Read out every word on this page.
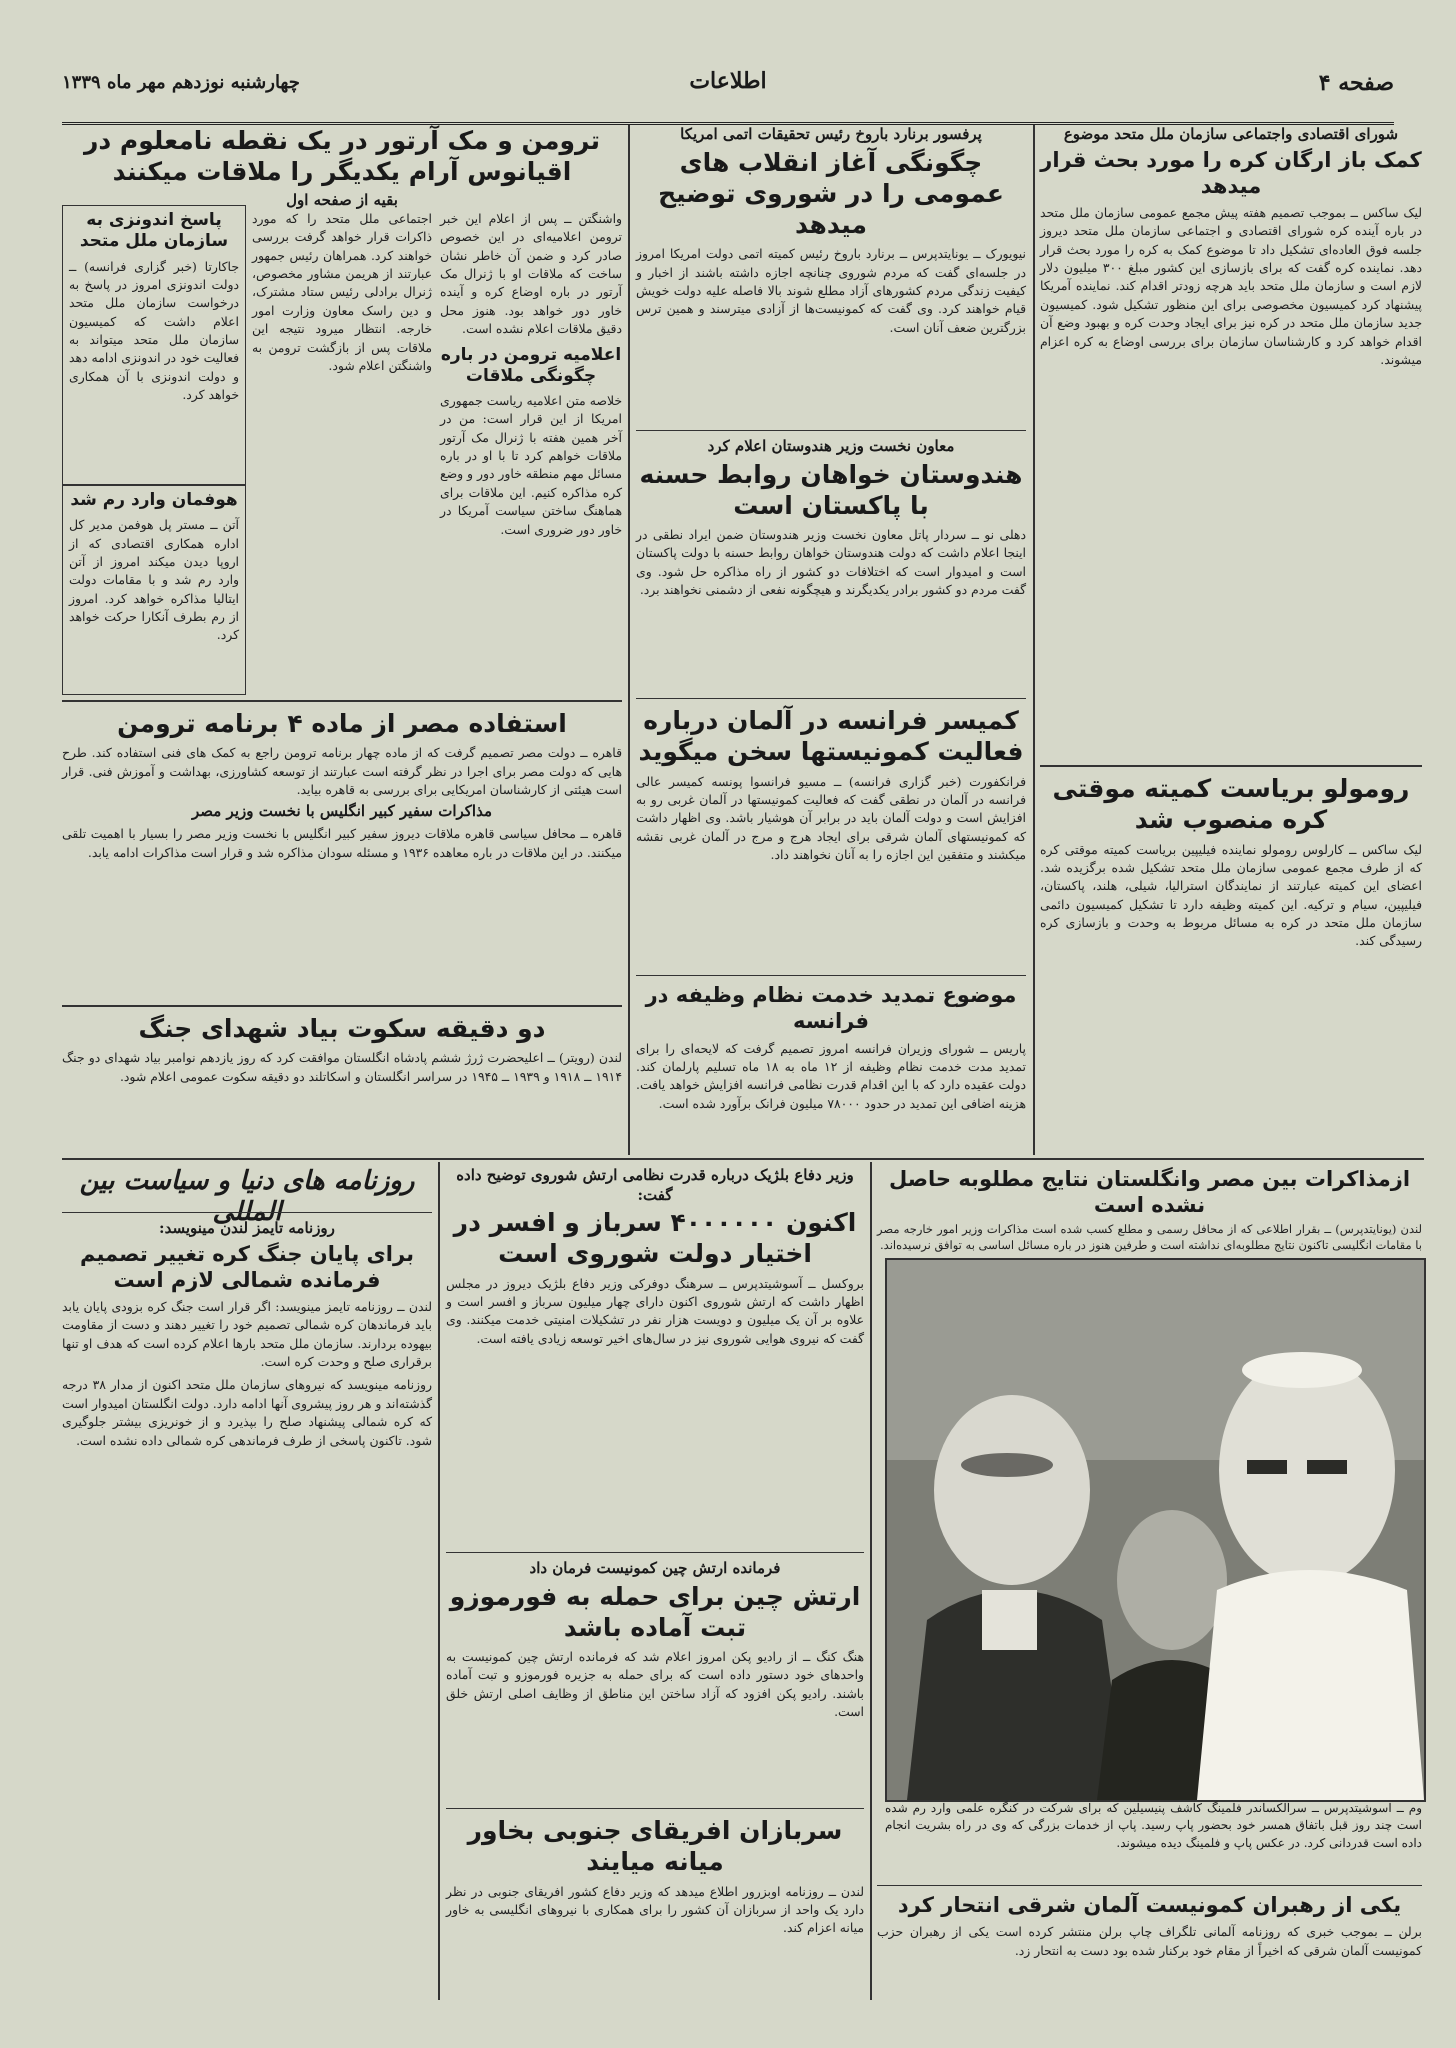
صفحه ۴
اطلاعات
چهارشنبه نوزدهم مهر ماه ۱۳۳۹
شورای اقتصادی واجتماعی سازمان ملل متحد موضوع
کمک باز ارگان کره را مورد بحث قرار میدهد
لیک ساکس ــ بموجب تصمیم هفته پیش مجمع عمومی سازمان ملل متحد در باره آینده کره شورای اقتصادی و اجتماعی سازمان ملل متحد دیروز جلسه فوق العاده‌ای تشکیل داد تا موضوع کمک به کره را مورد بحث قرار دهد. نماینده کره گفت که برای بازسازی این کشور مبلغ ۳۰۰ میلیون دلار لازم است و سازمان ملل متحد باید هرچه زودتر اقدام کند. نماینده آمریکا پیشنهاد کرد کمیسیون مخصوصی برای این منظور تشکیل شود. کمیسیون جدید سازمان ملل متحد در کره نیز برای ایجاد وحدت کره و بهبود وضع آن اقدام خواهد کرد و کارشناسان سازمان برای بررسی اوضاع به کره اعزام میشوند.
رومولو بریاست کمیته موقتی کره منصوب شد
لیک ساکس ــ کارلوس رومولو نماینده فیلیپین بریاست کمیته موقتی کره که از طرف مجمع عمومی سازمان ملل متحد تشکیل شده برگزیده شد. اعضای این کمیته عبارتند از نمایندگان استرالیا، شیلی، هلند، پاکستان، فیلیپین، سیام و ترکیه. این کمیته وظیفه دارد تا تشکیل کمیسیون دائمی سازمان ملل متحد در کره به مسائل مربوط به وحدت و بازسازی کره رسیدگی کند.
پرفسور برنارد باروخ رئیس تحقیقات اتمی امریکا
چگونگی آغاز انقلاب های عمومی را در شوروی توضیح میدهد
نیویورک ــ یونایتدپرس ــ برنارد باروخ رئیس کمیته اتمی دولت امریکا امروز در جلسه‌ای گفت که مردم شوروی چنانچه اجازه داشته باشند از اخبار و کیفیت زندگی مردم کشورهای آزاد مطلع شوند بالا فاصله علیه دولت خویش قیام خواهند کرد. وی گفت که کمونیست‌ها از آزادی میترسند و همین ترس بزرگترین ضعف آنان است.
معاون نخست وزیر هندوستان اعلام کرد
هندوستان خواهان روابط حسنه با پاکستان است
دهلی نو ــ سردار پاتل معاون نخست وزیر هندوستان ضمن ایراد نطقی در اینجا اعلام داشت که دولت هندوستان خواهان روابط حسنه با دولت پاکستان است و امیدوار است که اختلافات دو کشور از راه مذاکره حل شود. وی گفت مردم دو کشور برادر یکدیگرند و هیچگونه نفعی از دشمنی نخواهند برد.
کمیسر فرانسه در آلمان درباره فعالیت کمونیستها سخن میگوید
فرانکفورت (خبر گزاری فرانسه) ــ مسیو فرانسوا پونسه کمیسر عالی فرانسه در آلمان در نطقی گفت که فعالیت کمونیستها در آلمان غربی رو به افزایش است و دولت آلمان باید در برابر آن هوشیار باشد. وی اظهار داشت که کمونیستهای آلمان شرقی برای ایجاد هرج و مرج در آلمان غربی نقشه میکشند و متفقین این اجازه را به آنان نخواهند داد.
موضوع تمدید خدمت نظام وظیفه در فرانسه
پاریس ــ شورای وزیران فرانسه امروز تصمیم گرفت که لایحه‌ای را برای تمدید مدت خدمت نظام وظیفه از ۱۲ ماه به ۱۸ ماه تسلیم پارلمان کند. دولت عقیده دارد که با این اقدام قدرت نظامی فرانسه افزایش خواهد یافت. هزینه اضافی این تمدید در حدود ۷۸۰۰۰ میلیون فرانک برآورد شده است.
ترومن و مک آرتور در یک نقطه نامعلوم در اقیانوس آرام یکدیگر را ملاقات میکنند
بقیه از صفحه اول
واشنگتن ــ پس از اعلام این خبر ترومن اعلامیه‌ای در این خصوص صادر کرد و ضمن آن خاطر نشان ساخت که ملاقات او با ژنرال مک آرتور در باره اوضاع کره و آینده خاور دور خواهد بود. هنوز محل دقیق ملاقات اعلام نشده است.
اعلامیه ترومن در باره چگونگی ملاقات
خلاصه متن اعلامیه ریاست جمهوری امریکا از این قرار است: من در آخر همین هفته با ژنرال مک آرتور ملاقات خواهم کرد تا با او در باره مسائل مهم منطقه خاور دور و وضع کره مذاکره کنیم. این ملاقات برای هماهنگ ساختن سیاست آمریکا در خاور دور ضروری است.
اجتماعی ملل متحد را که مورد ذاکرات قرار خواهد گرفت بررسی خواهند کرد. همراهان رئیس جمهور عبارتند از هریمن مشاور مخصوص، ژنرال برادلی رئیس ستاد مشترک، و دین راسک معاون وزارت امور خارجه. انتظار میرود نتیجه این ملاقات پس از بازگشت ترومن به واشنگتن اعلام شود.
پاسخ اندونزی به سازمان ملل متحد
جاکارتا (خبر گزاری فرانسه) ــ دولت اندونزی امروز در پاسخ به درخواست سازمان ملل متحد اعلام داشت که کمیسیون سازمان ملل متحد میتواند به فعالیت خود در اندونزی ادامه دهد و دولت اندونزی با آن همکاری خواهد کرد.
هوفمان وارد رم شد
آتن ــ مستر پل هوفمن مدیر کل اداره همکاری اقتصادی که از اروپا دیدن میکند امروز از آتن وارد رم شد و با مقامات دولت ایتالیا مذاکره خواهد کرد. امروز از رم بطرف آنکارا حرکت خواهد کرد.
استفاده مصر از ماده ۴ برنامه ترومن
قاهره ــ دولت مصر تصمیم گرفت که از ماده چهار برنامه ترومن راجع به کمک های فنی استفاده کند. طرح هایی که دولت مصر برای اجرا در نظر گرفته است عبارتند از توسعه کشاورزی، بهداشت و آموزش فنی. قرار است هیئتی از کارشناسان امریکایی برای بررسی به قاهره بیاید.
مذاکرات سفیر کبیر انگلیس با نخست وزیر مصر
قاهره ــ محافل سیاسی قاهره ملاقات دیروز سفیر کبیر انگلیس با نخست وزیر مصر را بسیار با اهمیت تلقی میکنند. در این ملاقات در باره معاهده ۱۹۳۶ و مسئله سودان مذاکره شد و قرار است مذاکرات ادامه یابد.
دو دقیقه سکوت بیاد شهدای جنگ
لندن (رویتر) ــ اعلیحضرت ژرژ ششم پادشاه انگلستان موافقت کرد که روز یازدهم نوامبر بیاد شهدای دو جنگ ۱۹۱۴ ــ ۱۹۱۸ و ۱۹۳۹ ــ ۱۹۴۵ در سراسر انگلستان و اسکاتلند دو دقیقه سکوت عمومی اعلام شود.
روزنامه های دنیا و سیاست بین المللی
روزنامه تایمز لندن مینویسد:
برای پایان جنگ کره تغییر تصمیم فرمانده شمالی لازم است
لندن ــ روزنامه تایمز مینویسد: اگر قرار است جنگ کره بزودی پایان یابد باید فرماندهان کره شمالی تصمیم خود را تغییر دهند و دست از مقاومت بیهوده بردارند. سازمان ملل متحد بارها اعلام کرده است که هدف او تنها برقراری صلح و وحدت کره است.
روزنامه مینویسد که نیروهای سازمان ملل متحد اکنون از مدار ۳۸ درجه گذشته‌اند و هر روز پیشروی آنها ادامه دارد. دولت انگلستان امیدوار است که کره شمالی پیشنهاد صلح را بپذیرد و از خونریزی بیشتر جلوگیری شود. تاکنون پاسخی از طرف فرماندهی کره شمالی داده نشده است.
وزیر دفاع بلژیک درباره قدرت نظامی ارتش شوروی توضیح داده گفت:
اکنون ۴۰۰۰۰۰۰ سرباز و افسر در اختیار دولت شوروی است
بروکسل ــ آسوشیتدپرس ــ سرهنگ دوفرکی وزیر دفاع بلژیک دیروز در مجلس اظهار داشت که ارتش شوروی اکنون دارای چهار میلیون سرباز و افسر است و علاوه بر آن یک میلیون و دویست هزار نفر در تشکیلات امنیتی خدمت میکنند. وی گفت که نیروی هوایی شوروی نیز در سال‌های اخیر توسعه زیادی یافته است.
فرمانده ارتش چین کمونیست فرمان داد
ارتش چین برای حمله به فورموزو تبت آماده باشد
هنگ کنگ ــ از رادیو پکن امروز اعلام شد که فرمانده ارتش چین کمونیست به واحدهای خود دستور داده است که برای حمله به جزیره فورموزو و تبت آماده باشند. رادیو پکن افزود که آزاد ساختن این مناطق از وظایف اصلی ارتش خلق است.
سربازان افریقای جنوبی بخاور میانه میایند
لندن ــ روزنامه اوبزرور اطلاع میدهد که وزیر دفاع کشور افریقای جنوبی در نظر دارد یک واحد از سربازان آن کشور را برای همکاری با نیروهای انگلیسی به خاور میانه اعزام کند.
ازمذاکرات بین مصر وانگلستان نتایج مطلوبه حاصل نشده است
لندن (یونایتدپرس) ــ بقرار اطلاعی که از محافل رسمی و مطلع کسب شده است مذاکرات وزیر امور خارجه مصر با مقامات انگلیسی تاکنون نتایج مطلوبه‌ای نداشته است و طرفین هنوز در باره مسائل اساسی به توافق نرسیده‌اند.
وم ــ اسوشیتدپرس ــ سرالکساندر فلمینگ کاشف پنیسیلین که برای شرکت در کنگره علمی وارد رم شده است چند روز قبل باتفاق همسر خود بحضور پاپ رسید. پاپ از خدمات بزرگی که وی در راه بشریت انجام داده است قدردانی کرد. در عکس پاپ و فلمینگ دیده میشوند.
یکی از رهبران کمونیست آلمان شرقی انتحار کرد
برلن ــ بموجب خبری که روزنامه آلمانی تلگراف چاپ برلن منتشر کرده است یکی از رهبران حزب کمونیست آلمان شرقی که اخیراً از مقام خود برکنار شده بود دست به انتحار زد.
